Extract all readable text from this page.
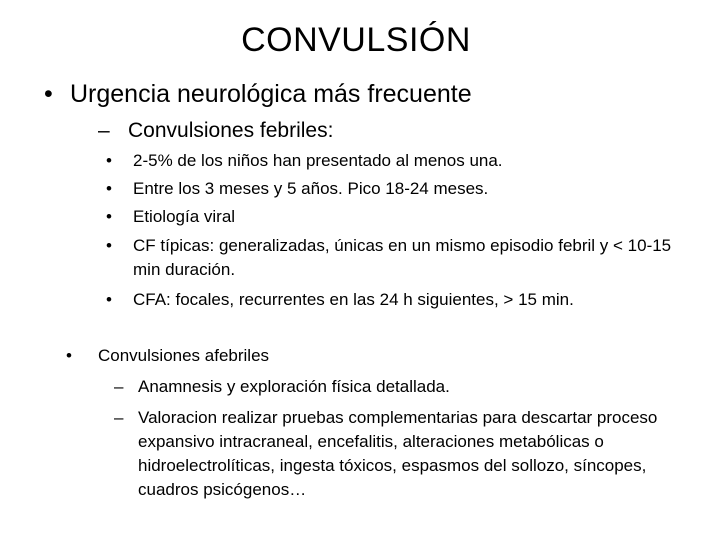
CONVULSIÓN
• Urgencia neurológica más frecuente
– Convulsiones febriles:
•	2-5% de los niños han presentado al menos una.
•	Entre los 3 meses y 5 años. Pico 18-24 meses.
•	Etiología viral
•	CF típicas: generalizadas, únicas en un mismo episodio febril y < 10-15 min duración.
•	CFA: focales, recurrentes en las 24 h siguientes, > 15 min.
•	Convulsiones afebriles
– Anamnesis y exploración física detallada.
– Valoracion realizar pruebas complementarias para descartar proceso expansivo intracraneal, encefalitis, alteraciones metabólicas o hidroelectrolíticas, ingesta tóxicos, espasmos del sollozo, síncopes, cuadros psicógenos…
